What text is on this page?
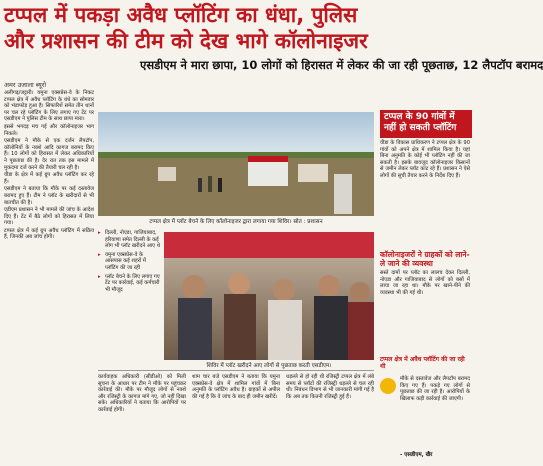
टप्पल में पकड़ा अवैध प्लॉटिंग का धंधा, पुलिस
और प्रशासन की टीम को देख भागे कॉलोनाइजर
एसडीएम ने मारा छापा, 10 लोगों को हिरासत में लेकर की जा रही पूछताछ, 12 लैपटॉप बरामद
अमर उजाला ब्यूरो

अलीगढ़/जट्टारी। यमुना एक्सप्रेस-वे के निकट टप्पल क्षेत्र में अवैध प्लॉटिंग के धंधे का सोमवार को भंडाफोड़ हुआ है। सिफारिशें समेत तीन थानों पर चल रहे प्लॉटिंग के लिए लगाए गए टेंट पर एसडीएम ने पुलिस टीम के साथ छापा मारा।

इससे भगदड़ मच गई और कॉलोनाइजर भाग निकले।

एसडीएम ने मौके से एक दर्जन लैपटॉप, कॉलोनियों के नक्शे आदि कागज बरामद किए हैं। 10 लोगों को हिरासत में लेकर अधिकारियों ने पूछताछ की है। देर रात तक इस मामले में मुकदमा दर्ज करने की तैयारी चल रही है।

यीडा के क्षेत्र में कई ग्रुप अवैध प्लॉटिंग कर रहे हैं।

एसडीएम ने बताया कि मौके पर कई दस्तावेज बरामद हुए हैं। टीम ने प्लॉट के खरीदारों से भी बातचीत की है।

एडीएम प्रशासन ने भी मामले की जांच के आदेश दिए हैं। टेंट में बैठे लोगों को हिरासत में लिया गया।

टप्पल क्षेत्र में कई ग्रुप अवैध प्लॉटिंग में सक्रिय हैं, जिनकी अब जांच होगी।

टप्पल क्षेत्र में प्लॉट बेचने के लिए कॉलोनाइजर द्वारा लगाया गया शिविर। स्रोत : प्रशासन

▸ दिल्ली, नोएडा, गाजियाबाद, हरियाणा समेत दिल्ली के कई लोग भी प्लॉट खरीदने आए थे

▸ यमुना एक्सप्रेस-वे के आसपास कई शहरों में प्लॉटिंग की जा रही

▸ प्लॉट बेचने के लिए लगाए गए टेंट पर कार्रवाई, कई कर्मचारी भी मौजूद

शिविर में प्लॉट खरीदने आए लोगों से पूछताछ करती एसडीएम।
टप्पल के 90 गांवों में नहीं हो सकती प्लॉटिंग
यीडा के विकास प्राधिकरण ने टप्पल क्षेत्र के 90 गांवों को अपने क्षेत्र में शामिल किया है। यहां बिना अनुमति के कोई भी प्लॉटिंग नहीं की जा सकती है। इसके बावजूद कॉलोनाइजर किसानों से जमीन लेकर प्लॉट काट रहे हैं। प्रशासन ने ऐसे लोगों की सूची तैयार करने के निर्देश दिए हैं।
कॉलोनाइजरों ने ग्राहकों को लाने-ले जाने की व्यवस्था
सस्ते दामों पर प्लॉट का लालच देकर दिल्ली, नोएडा और गाजियाबाद से लोगों को बसों में लाया जा रहा था। मौके पर खाने-पीने की व्यवस्था भी की गई थी।
कार्यवाहक अधिकारी (सीडीओ) को मिली सूचना के आधार पर टीम ने मौके पर पहुंचकर कार्रवाई की। मौके पर मौजूद लोगों से नक्शे और रजिस्ट्री के कागज मांगे गए, जो नहीं दिखा सके। अधिकारियों ने बताया कि आरोपियों पर कार्रवाई होगी।
शाम चार बजे एसडीएम ने बताया कि यमुना एक्सप्रेस-वे क्षेत्र में शामिल गांवों में बिना अनुमति के प्लॉटिंग अवैध है। ग्राहकों से अपील की गई है कि वे जांच के बाद ही जमीन खरीदें।
धड़ल्ले से हो रही थी रजिस्ट्री टप्पल क्षेत्र में लंबे समय से प्लॉटों की रजिस्ट्री धड़ल्ले से चल रही थी। निबंधन विभाग से भी जानकारी मांगी गई है कि अब तक कितनी रजिस्ट्री हुई हैं।
टप्पल क्षेत्र में अवैध प्लॉटिंग की जा रही थी
मौके से दस्तावेज और लैपटॉप बरामद किए गए हैं। पकड़े गए लोगों से पूछताछ की जा रही है। आरोपियों के खिलाफ कड़ी कार्रवाई की जाएगी।
- एसडीएम, खैर
